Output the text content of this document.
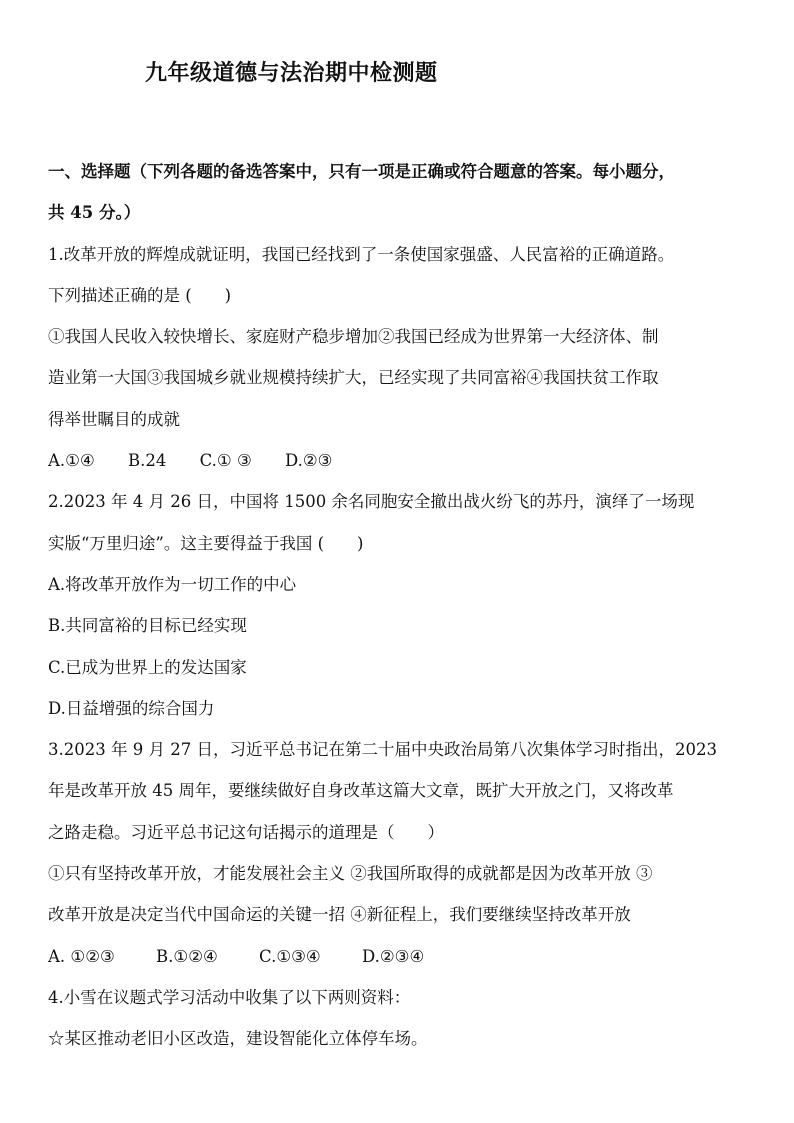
九年级道德与法治期中检测题
一、选择题（下列各题的备选答案中，只有一项是正确或符合题意的答案。每小题分，
共 45 分。）
1.改革开放的辉煌成就证明，我国已经找到了一条使国家强盛、人民富裕的正确道路。
下列描述正确的是 (　　)
①我国人民收入较快增长、家庭财产稳步增加②我国已经成为世界第一大经济体、制
造业第一大国③我国城乡就业规模持续扩大，已经实现了共同富裕④我国扶贫工作取
得举世瞩目的成就
A.①④ B.24 C.① ③ D.②③
2.2023 年 4 月 26 日，中国将 1500 余名同胞安全撤出战火纷飞的苏丹，演绎了一场现
实版“万里归途”。这主要得益于我国 (　　)
A.将改革开放作为一切工作的中心
B.共同富裕的目标已经实现
C.已成为世界上的发达国家
D.日益增强的综合国力
3.2023 年 9 月 27 日，习近平总书记在第二十届中央政治局第八次集体学习时指出，2023
年是改革开放 45 周年，要继续做好自身改革这篇大文章，既扩大开放之门，又将改革
之路走稳。习近平总书记这句话揭示的道理是（　　）
①只有坚持改革开放，才能发展社会主义 ②我国所取得的成就都是因为改革开放 ③
改革开放是决定当代中国命运的关键一招 ④新征程上，我们要继续坚持改革开放
A. ①②③	B.①②④	C.①③④	D.②③④
4.小雪在议题式学习活动中收集了以下两则资料：
☆某区推动老旧小区改造，建设智能化立体停车场。
